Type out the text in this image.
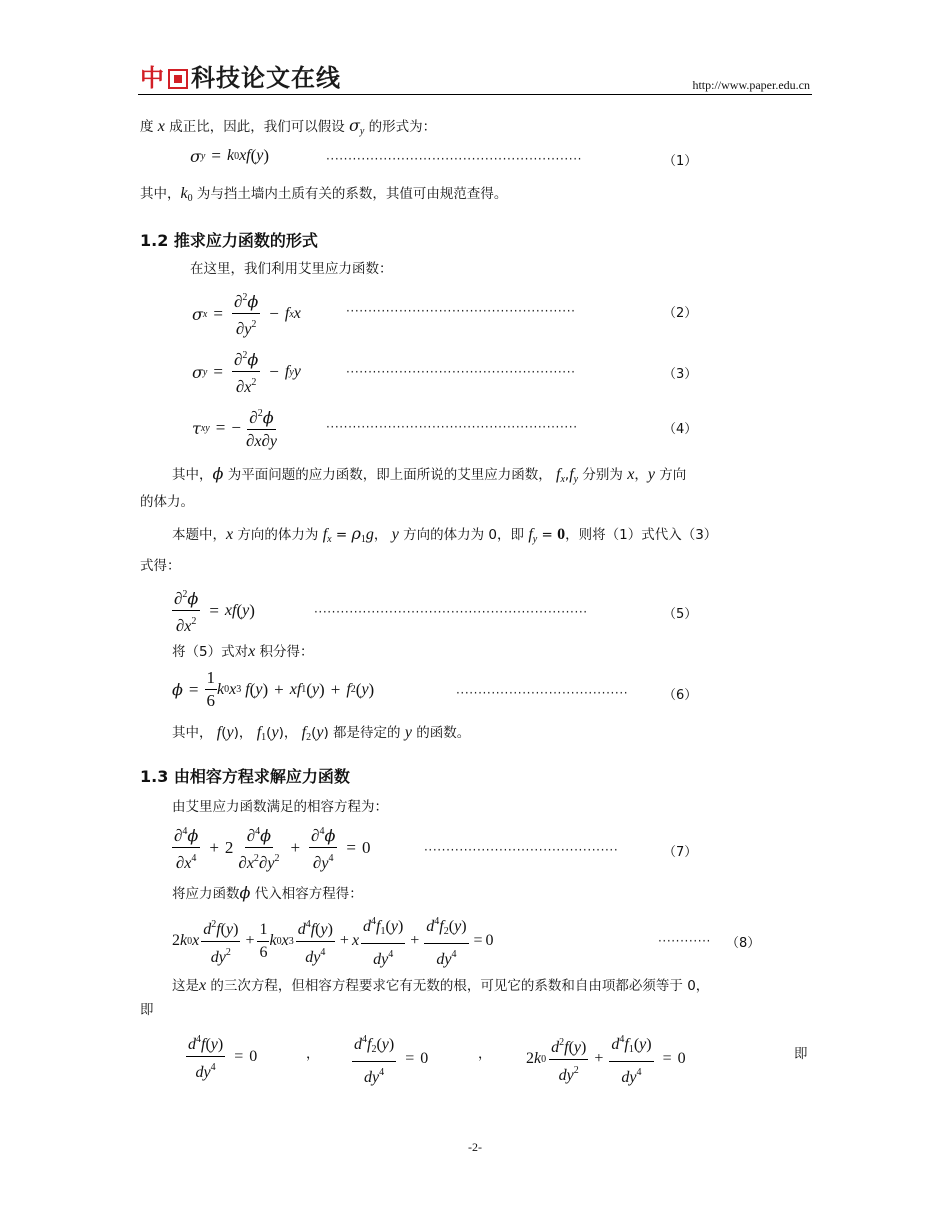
中 科技论文在线	http://www.paper.edu.cn
度 x 成正比，因此，我们可以假设 $\sigma_y$ 的形式为：
σ y = k 0 xf ( y )	··························································	（1）
其中，$k_0$ 为与挡土墙内土质有关的系数，其值可由规范查得。
1.2 推求应力函数的形式
在这里，我们利用艾里应力函数：
σ $x = \frac{\partial^2\phi}{\partial y^2} - f$ x x	····················································	（2）
σ $y = \frac{\partial^2\phi}{\partial x^2} - f$ y y	····················································	（3）
τ xy = − $\frac{\partial^2\phi}{\partial x\partial y}$	·························································	（4）
其中，ϕ 为平面问题的应力函数，即上面所说的艾里应力函数， $f_x,f_y$ 分别为 x，y 方向
的体力。
本题中，x 方向的体力为 $f_x = \rho_1g$， y 方向的体力为 0，即 $f_y = 0$，则将（1）式代入（3）
式得：
$\frac{\partial^2\phi}{\partial x^2}$ = xf ( y )	······························································	（5）
将（5）式对x 积分得：
$\phi = \frac{1}{6}$ k 0 x 3 f ( y ) + xf 1 ( y ) + f 2 ( y )	·······································	（6）
其中， f(y)， $f_1(y)$， $f_2(y)$ 都是待定的 y 的函数。
1.3 由相容方程求解应力函数
由艾里应力函数满足的相容方程为：
$\frac{\partial^4\phi}{\partial x^4} + 2 \frac{\partial^4\phi}{\partial x^2\partial y^2} + \frac{\partial^4\phi}{\partial y^4} = 0$	············································	（7）
将应力函数ϕ 代入相容方程得：
2 k 0 x $\frac{d^2f(y)}{dy^2} + \frac{1}{6}$ k 0 x $3 \frac{d^4f(y)}{dy^4} + x \frac{d^4f_1(y)}{dy^4} + \frac{d^4f_2(y)}{dy^4} = 0$	············ （8）
这是x 的三次方程，但相容方程要求它有无数的根，可见它的系数和自由项都必须等于 0，
即
$\frac{d^4f(y)}{dy^4} = 0$	， $\frac{d^4f_2(y)}{dy^4} = 0$	， 2 k $0 \frac{d^2f(y)}{dy^2} + \frac{d^4f_1(y)}{dy^4} = 0$	即
-2-
